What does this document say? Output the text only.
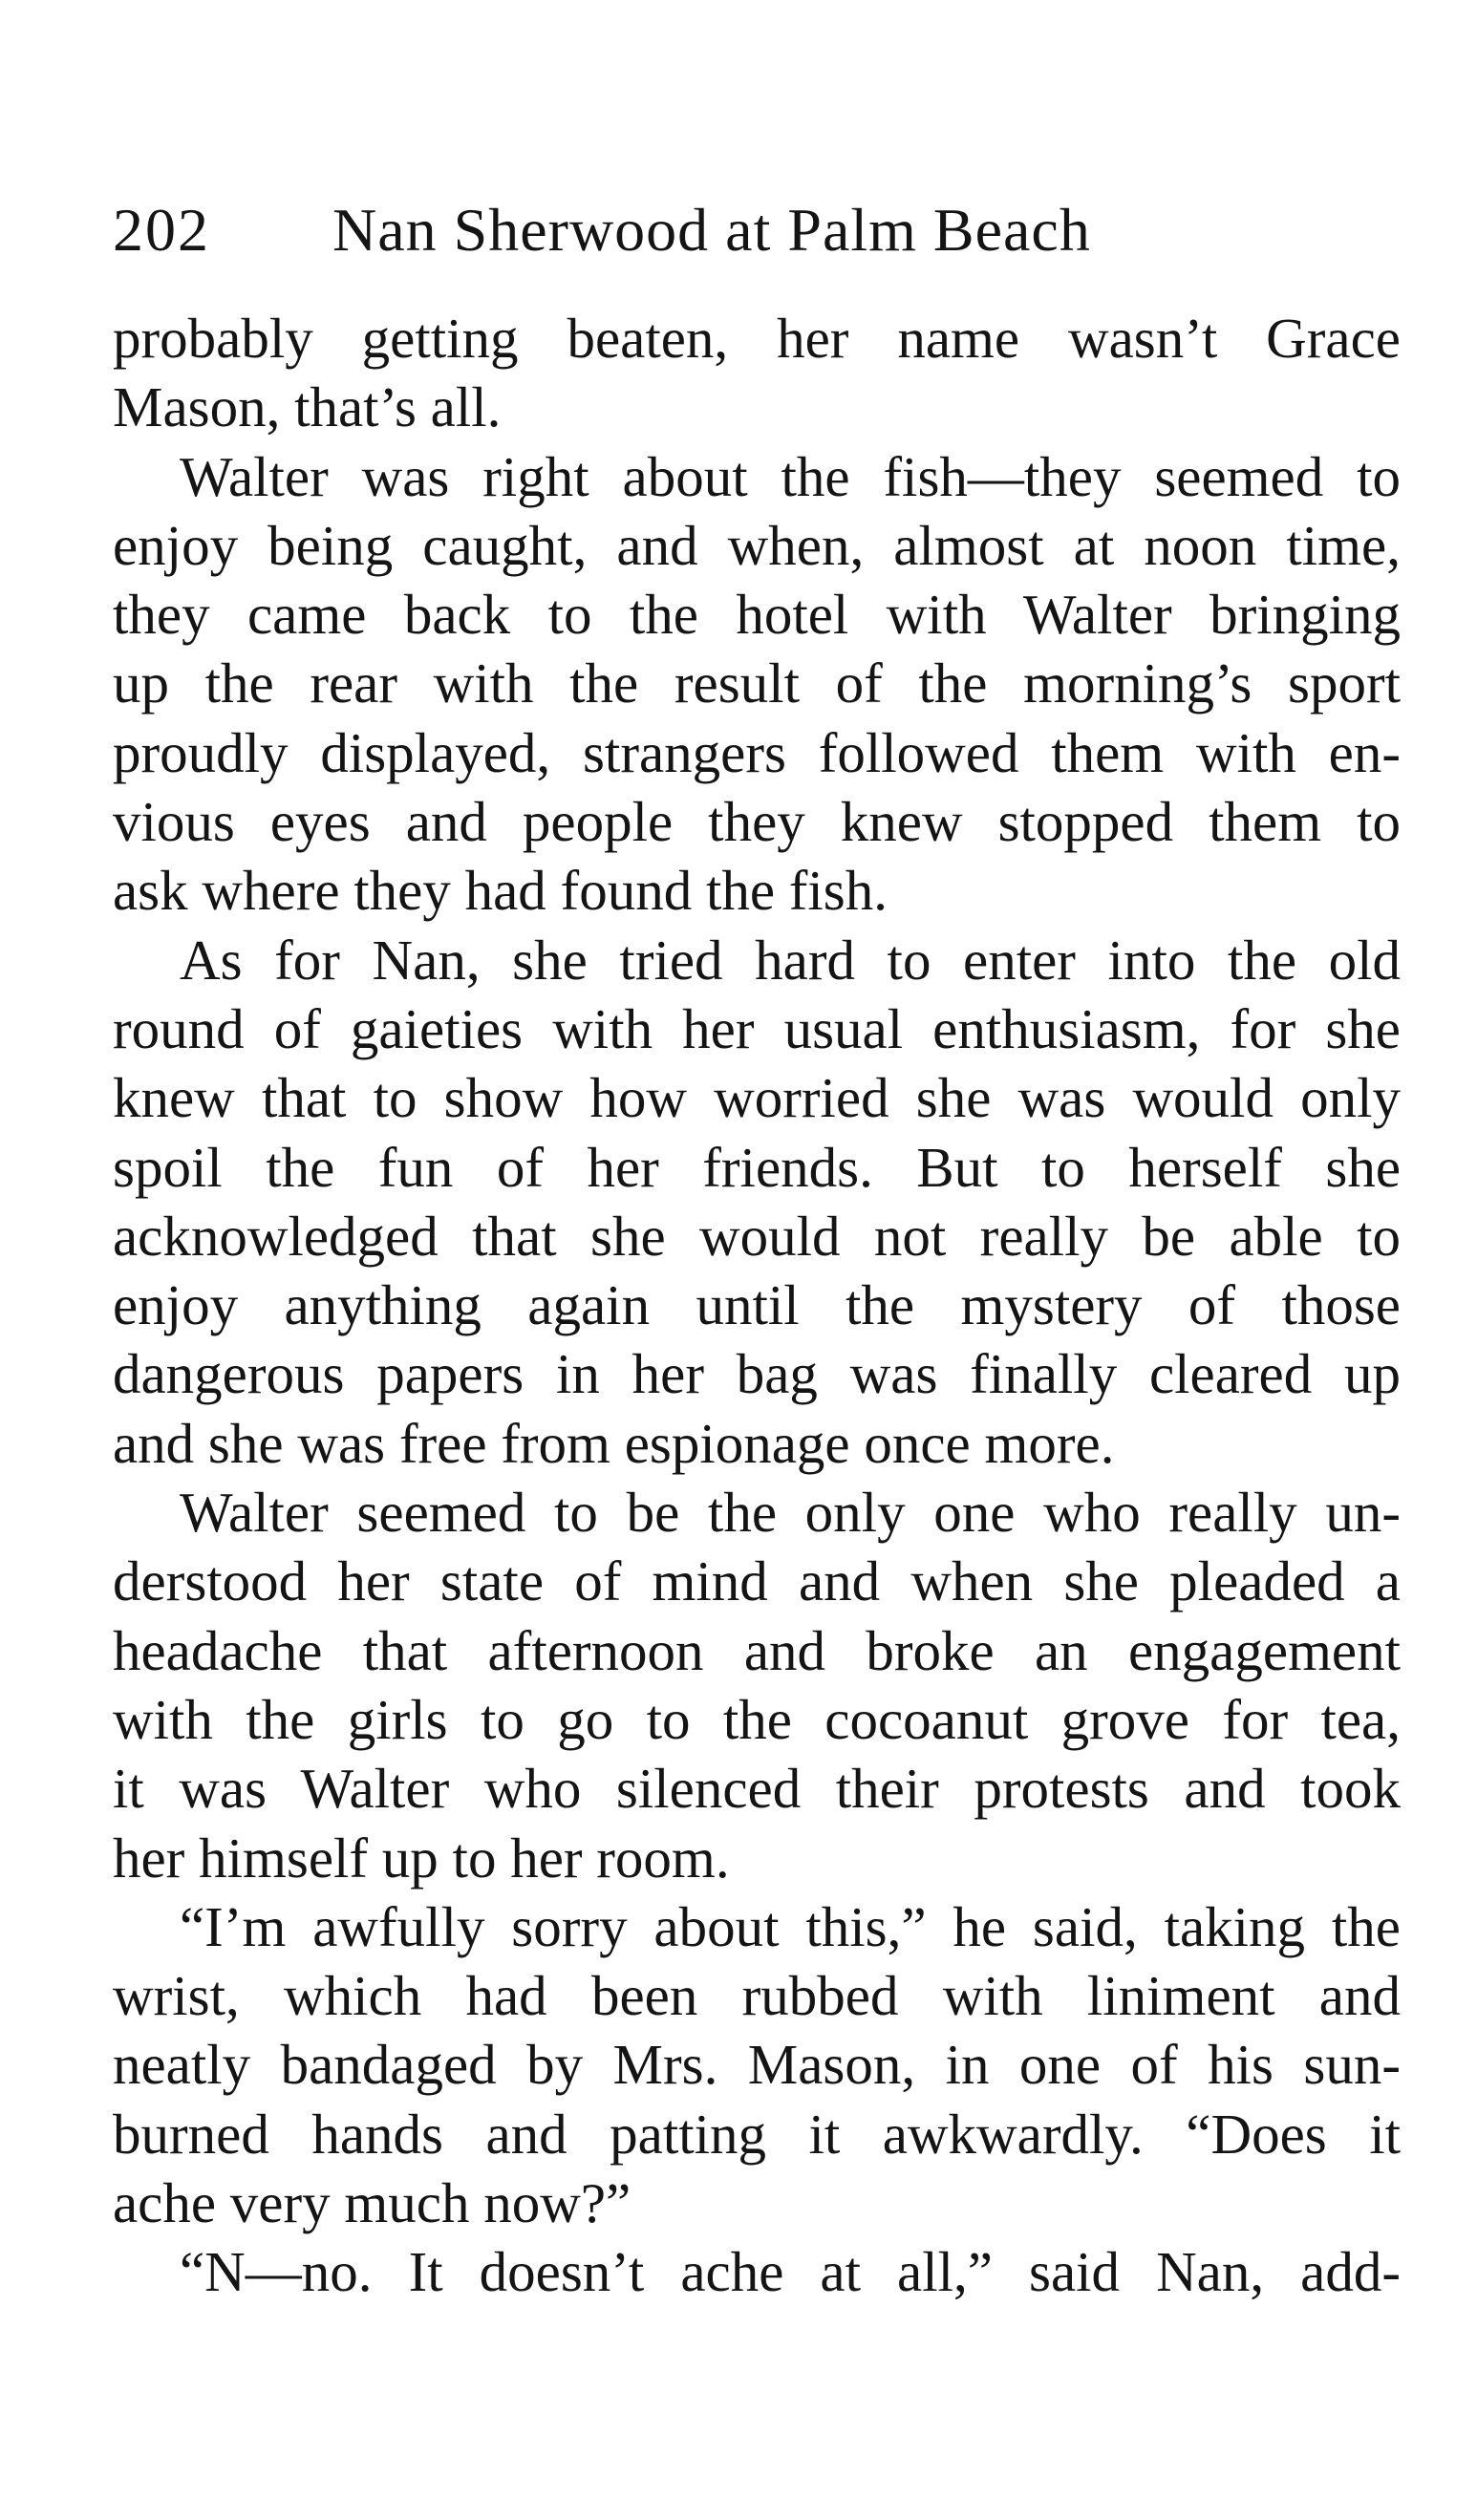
202 Nan Sherwood at Palm Beach
probably getting beaten, her name wasn’t Grace
Mason, that’s all.
Walter was right about the fish—they seemed to
enjoy being caught, and when, almost at noon time,
they came back to the hotel with Walter bringing
up the rear with the result of the morning’s sport
proudly displayed, strangers followed them with en-
vious eyes and people they knew stopped them to
ask where they had found the fish.
As for Nan, she tried hard to enter into the old
round of gaieties with her usual enthusiasm, for she
knew that to show how worried she was would only
spoil the fun of her friends. But to herself she
acknowledged that she would not really be able to
enjoy anything again until the mystery of those
dangerous papers in her bag was finally cleared up
and she was free from espionage once more.
Walter seemed to be the only one who really un-
derstood her state of mind and when she pleaded a
headache that afternoon and broke an engagement
with the girls to go to the cocoanut grove for tea,
it was Walter who silenced their protests and took
her himself up to her room.
“I’m awfully sorry about this,” he said, taking the
wrist, which had been rubbed with liniment and
neatly bandaged by Mrs. Mason, in one of his sun-
burned hands and patting it awkwardly. “Does it
ache very much now?”
“N—no. It doesn’t ache at all,” said Nan, add-
